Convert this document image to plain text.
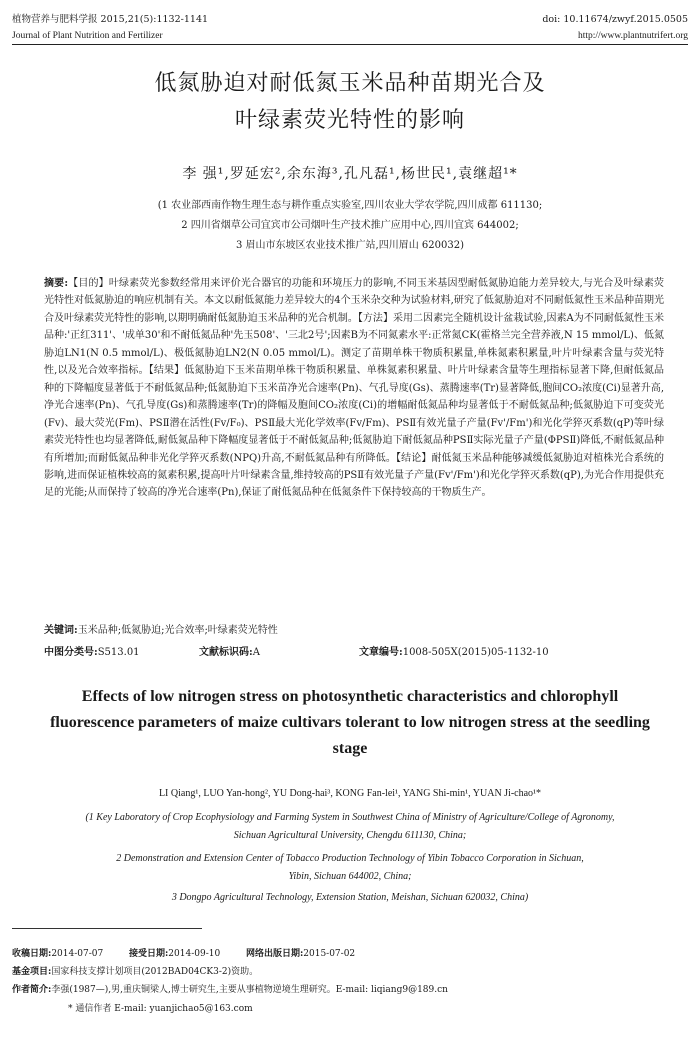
植物营养与肥料学报 2015,21(5):1132-1141	doi: 10.11674/zwyf.2015.0505
Journal of Plant Nutrition and Fertilizer	http://www.plantnutrifert.org
低氮胁迫对耐低氮玉米品种苗期光合及
叶绿素荧光特性的影响
李 强¹,罗延宏²,余东海³,孔凡磊¹,杨世民¹,袁继超¹*
(1 农业部西南作物生理生态与耕作重点实验室,四川农业大学农学院,四川成都 611130;
2 四川省烟草公司宜宾市公司烟叶生产技术推广应用中心,四川宜宾 644002;
3 眉山市东坡区农业技术推广站,四川眉山 620032)
摘要:【目的】叶绿素荧光参数经常用来评价光合器官的功能和环境压力的影响,不同玉米基因型耐低氮胁迫能力差异较大,与光合及叶绿素荧光特性对低氮胁迫的响应机制有关。本文以耐低氮能力差异较大的4个玉米杂交种为试验材料,研究了低氮胁迫对不同耐低氮性玉米品种苗期光合及叶绿素荧光特性的影响,以期明确耐低氮胁迫玉米品种的光合机制。【方法】采用二因素完全随机设计盆栽试验,因素A为不同耐低氮性玉米品种:'正红311'、'成单30'和不耐低氮品种'先玉508'、'三北2号';因素B为不同氮素水平:正常氮CK(霍格兰完全营养液,N 15 mmol/L)、低氮胁迫LN1(N 0.5 mmol/L)、极低氮胁迫LN2(N 0.05 mmol/L)。测定了苗期单株干物质积累量,单株氮素积累量,叶片叶绿素含量与荧光特性,以及光合效率指标。【结果】低氮胁迫下玉米苗期单株干物质积累量、单株氮素积累量、叶片叶绿素含量等生理指标显著下降,但耐低氮品种的下降幅度显著低于不耐低氮品种;低氮胁迫下玉米苗净光合速率(Pn)、气孔导度(Gs)、蒸腾速率(Tr)显著降低,胞间CO₂浓度(Ci)显著升高,净光合速率(Pn)、气孔导度(Gs)和蒸腾速率(Tr)的降幅及胞间CO₂浓度(Ci)的增幅耐低氮品种均显著低于不耐低氮品种;低氮胁迫下可变荧光(Fv)、最大荧光(Fm)、PSⅡ潜在活性(Fv/F₀)、PSⅡ最大光化学效率(Fv/Fm)、PSⅡ有效光量子产量(Fv'/Fm')和光化学猝灭系数(qP)等叶绿素荧光特性也均显著降低,耐低氮品种下降幅度显著低于不耐低氮品种;低氮胁迫下耐低氮品种PSⅡ实际光量子产量(ΦPSⅡ)降低,不耐低氮品种有所增加;而耐低氮品种非光化学猝灭系数(NPQ)升高,不耐低氮品种有所降低。【结论】耐低氮玉米品种能够减缓低氮胁迫对植株光合系统的影响,进而保证植株较高的氮素积累,提高叶片叶绿素含量,维持较高的PSⅡ有效光量子产量(Fv'/Fm')和光化学猝灭系数(qP),为光合作用提供充足的光能;从而保持了较高的净光合速率(Pn),保证了耐低氮品种在低氮条件下保持较高的干物质生产。
关键词:玉米品种;低氮胁迫;光合效率;叶绿素荧光特性
中图分类号:S513.01	文献标识码:A	文章编号:1008-505X(2015)05-1132-10
Effects of low nitrogen stress on photosynthetic characteristics and chlorophyll fluorescence parameters of maize cultivars tolerant to low nitrogen stress at the seedling stage
LI Qiang¹, LUO Yan-hong², YU Dong-hai³, KONG Fan-lei¹, YANG Shi-min¹, YUAN Ji-chao¹*
(1 Key Laboratory of Crop Ecophysiology and Farming System in Southwest China of Ministry of Agriculture/College of Agronomy,
Sichuan Agricultural University, Chengdu 611130, China;
2 Demonstration and Extension Center of Tobacco Production Technology of Yibin Tobacco Corporation in Sichuan,
Yibin, Sichuan 644002, China;
3 Dongpo Agricultural Technology, Extension Station, Meishan, Sichuan 620032, China)
收稿日期:2014-07-07	接受日期:2014-09-10	网络出版日期:2015-07-02
基金项目:国家科技支撑计划项目(2012BAD04CK3-2)资助。
作者简介:李强(1987—),男,重庆铜梁人,博士研究生,主要从事植物逆境生理研究。E-mail: liqiang9@189.cn
* 通信作者 E-mail: yuanjichao5@163.com
